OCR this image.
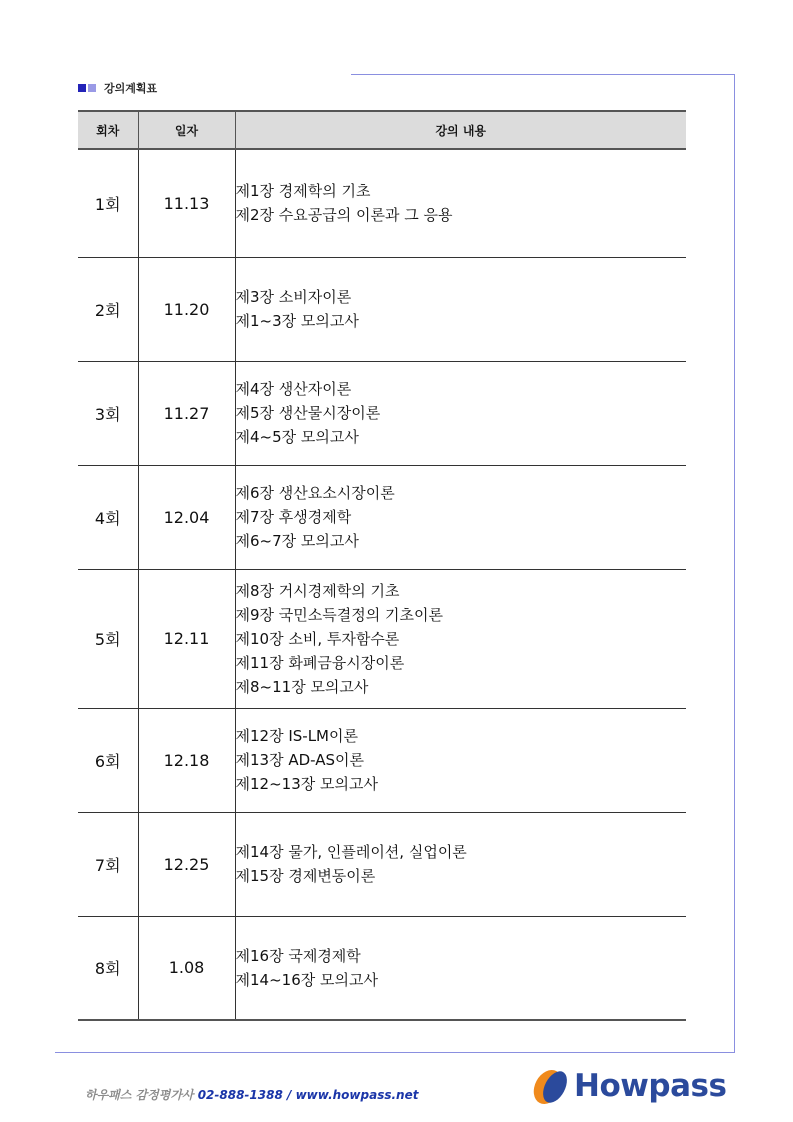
강의계획표
회차	일자	강의 내용
1회	11.13	제1장 경제학의 기초
제2장 수요공급의 이론과 그 응용

2회	11.20	제3장 소비자이론
제1~3장 모의고사

3회	11.27	제4장 생산자이론
제5장 생산물시장이론
제4~5장 모의고사

4회	12.04	제6장 생산요소시장이론
제7장 후생경제학
제6~7장 모의고사

5회	12.11	제8장 거시경제학의 기초
제9장 국민소득결정의 기초이론
제10장 소비, 투자함수론
제11장 화폐금융시장이론
제8~11장 모의고사

6회	12.18	제12장 IS-LM이론
제13장 AD-AS이론
제12~13장 모의고사

7회	12.25	제14장 물가, 인플레이션, 실업이론
제15장 경제변동이론

8회	1.08	제16장 국제경제학
제14~16장 모의고사
하우패스 감정평가사 02-888-1388 / www.howpass.net	Howpass
